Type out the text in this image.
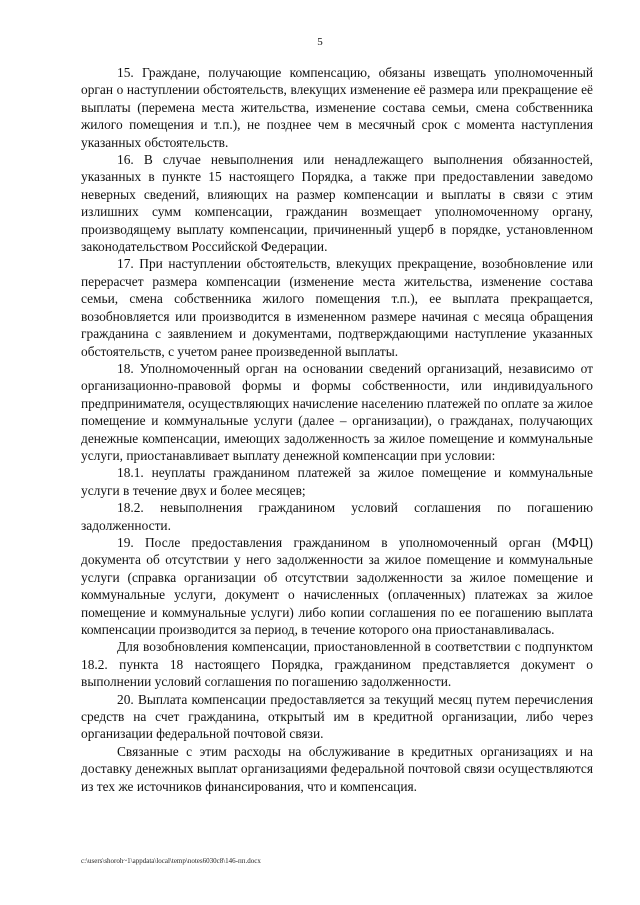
5

15. Граждане, получающие компенсацию, обязаны извещать уполномоченный орган о наступлении обстоятельств, влекущих изменение её размера или прекращение её выплаты (перемена места жительства, изменение состава семьи, смена собственника жилого помещения и т.п.), не позднее чем в месячный срок с момента наступления указанных обстоятельств.

16. В случае невыполнения или ненадлежащего выполнения обязанностей, указанных в пункте 15 настоящего Порядка, а также при предоставлении заведомо неверных сведений, влияющих на размер компенсации и выплаты в связи с этим излишних сумм компенсации, гражданин возмещает уполномоченному органу, производящему выплату компенсации, причиненный ущерб в порядке, установленном законодательством Российской Федерации.

17. При наступлении обстоятельств, влекущих прекращение, возобновление или перерасчет размера компенсации (изменение места жительства, изменение состава семьи, смена собственника жилого помещения т.п.), ее выплата прекращается, возобновляется или производится в измененном размере начиная с месяца обращения гражданина с заявлением и документами, подтверждающими наступление указанных обстоятельств, с учетом ранее произведенной выплаты.

18. Уполномоченный орган на основании сведений организаций, независимо от организационно-правовой формы и формы собственности, или индивидуального предпринимателя, осуществляющих начисление населению платежей по оплате за жилое помещение и коммунальные услуги (далее – организации), о гражданах, получающих денежные компенсации, имеющих задолженность за жилое помещение и коммунальные услуги, приостанавливает выплату денежной компенсации при условии:

18.1. неуплаты гражданином платежей за жилое помещение и коммунальные услуги в течение двух и более месяцев;

18.2. невыполнения гражданином условий соглашения по погашению задолженности.

19. После предоставления гражданином в уполномоченный орган (МФЦ) документа об отсутствии у него задолженности за жилое помещение и коммунальные услуги (справка организации об отсутствии задолженности за жилое помещение и коммунальные услуги, документ о начисленных (оплаченных) платежах за жилое помещение и коммунальные услуги) либо копии соглашения по ее погашению выплата компенсации производится за период, в течение которого она приостанавливалась.

Для возобновления компенсации, приостановленной в соответствии с подпунктом 18.2. пункта 18 настоящего Порядка, гражданином представляется документ о выполнении условий соглашения по погашению задолженности.

20. Выплата компенсации предоставляется за текущий месяц путем перечисления средств на счет гражданина, открытый им в кредитной организации, либо через организации федеральной почтовой связи.

Связанные с этим расходы на обслуживание в кредитных организациях и на доставку денежных выплат организациями федеральной почтовой связи осуществляются из тех же источников финансирования, что и компенсация.

c:\users\shoroh~1\appdata\local\temp\notes6030c8\146-пп.docx
